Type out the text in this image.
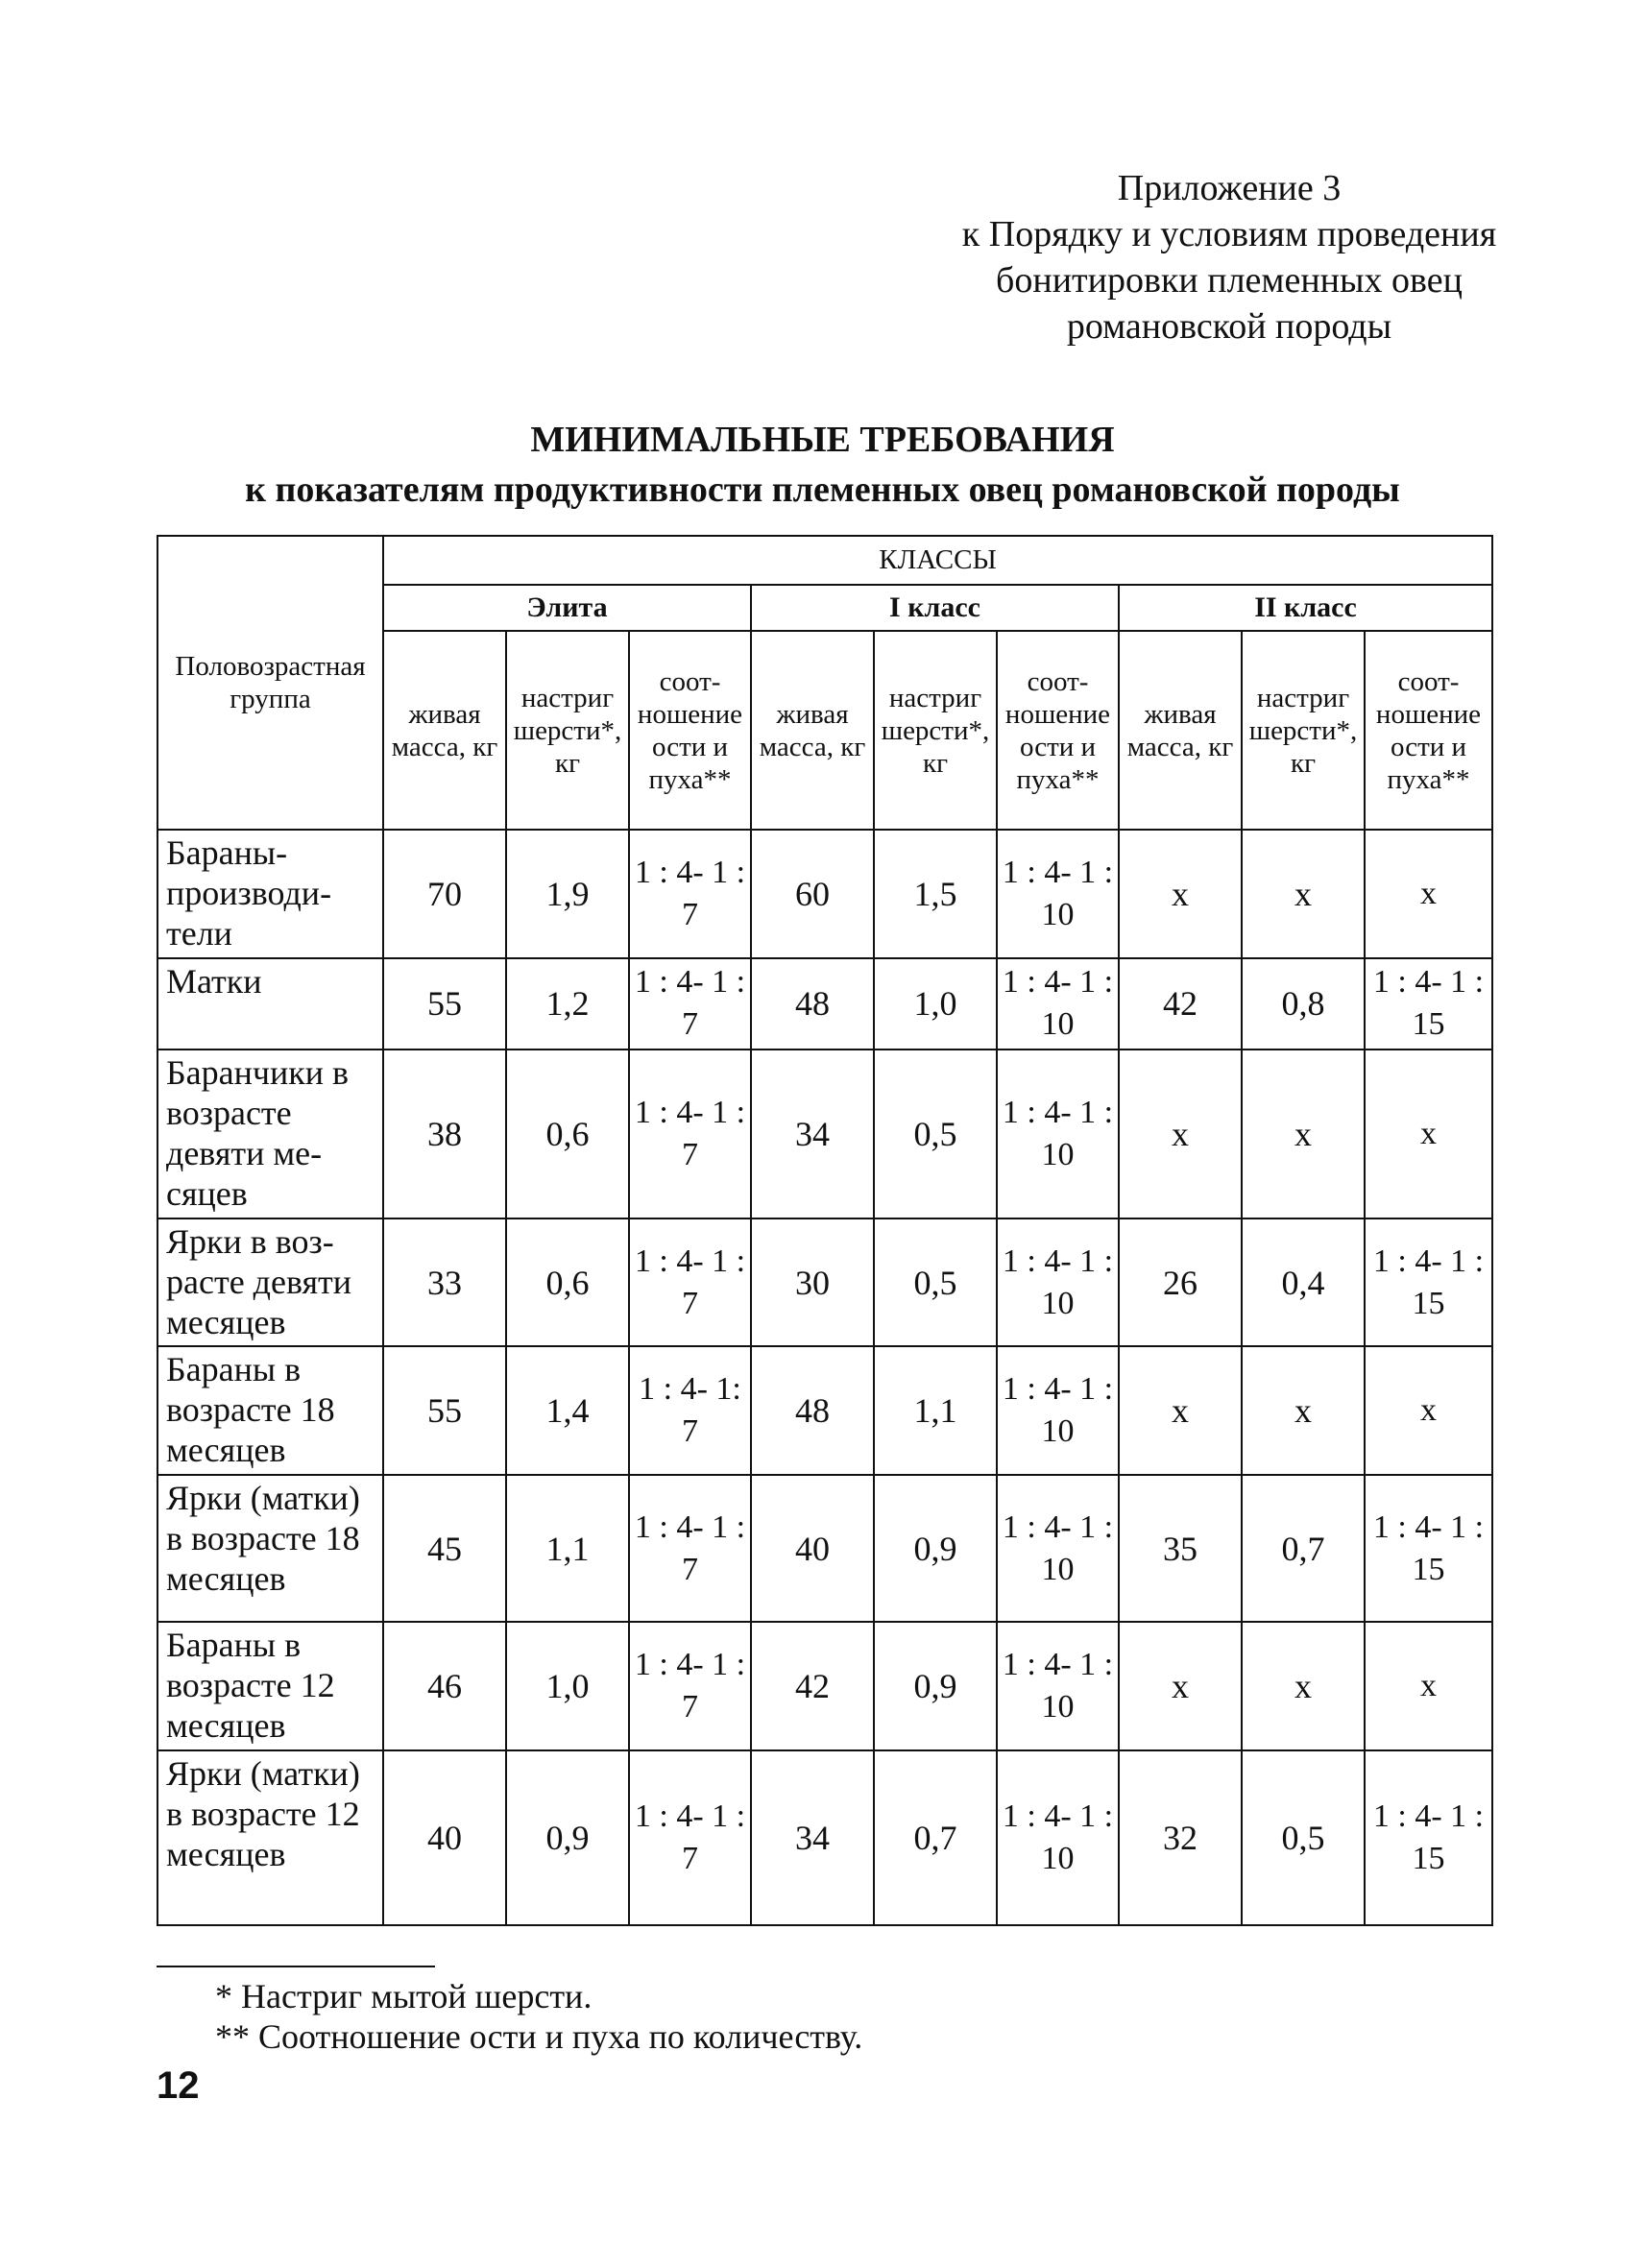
Приложение 3
к Порядку и условиям проведения
бонитировки племенных овец
романовской породы
МИНИМАЛЬНЫЕ ТРЕБОВАНИЯ
к показателям продуктивности племенных овец романовской породы
Половозрастная группа	КЛАССЫ								
	Элита			I класс			II класс		
	живая масса, кг	настриг шерсти*, кг	соотношение ости и пуха**	живая масса, кг	настриг шерсти*, кг	соотношение ости и пуха**	живая масса, кг	настриг шерсти*, кг	соотношение ости и пуха**
Бараны-производители	70	1,9	1 : 4- 1 : 7	60	1,5	1 : 4- 1 : 10	х	х	х
Матки	55	1,2	1 : 4- 1 : 7	48	1,0	1 : 4- 1 : 10	42	0,8	1 : 4- 1 : 15
Баранчики в возрасте девяти месяцев	38	0,6	1 : 4- 1 : 7	34	0,5	1 : 4- 1 : 10	х	х	х
Ярки в возрасте девяти месяцев	33	0,6	1 : 4- 1 : 7	30	0,5	1 : 4- 1 : 10	26	0,4	1 : 4- 1 : 15
Бараны в возрасте 18 месяцев	55	1,4	1 : 4- 1: 7	48	1,1	1 : 4- 1 : 10	х	х	х
Ярки (матки) в возрасте 18 месяцев	45	1,1	1 : 4- 1 : 7	40	0,9	1 : 4- 1 : 10	35	0,7	1 : 4- 1 : 15
Бараны в возрасте 12 месяцев	46	1,0	1 : 4- 1 : 7	42	0,9	1 : 4- 1 : 10	х	х	х
Ярки (матки) в возрасте 12 месяцев	40	0,9	1 : 4- 1 : 7	34	0,7	1 : 4- 1 : 10	32	0,5	1 : 4- 1 : 15
* Настриг мытой шерсти.
** Соотношение ости и пуха по количеству.
12
